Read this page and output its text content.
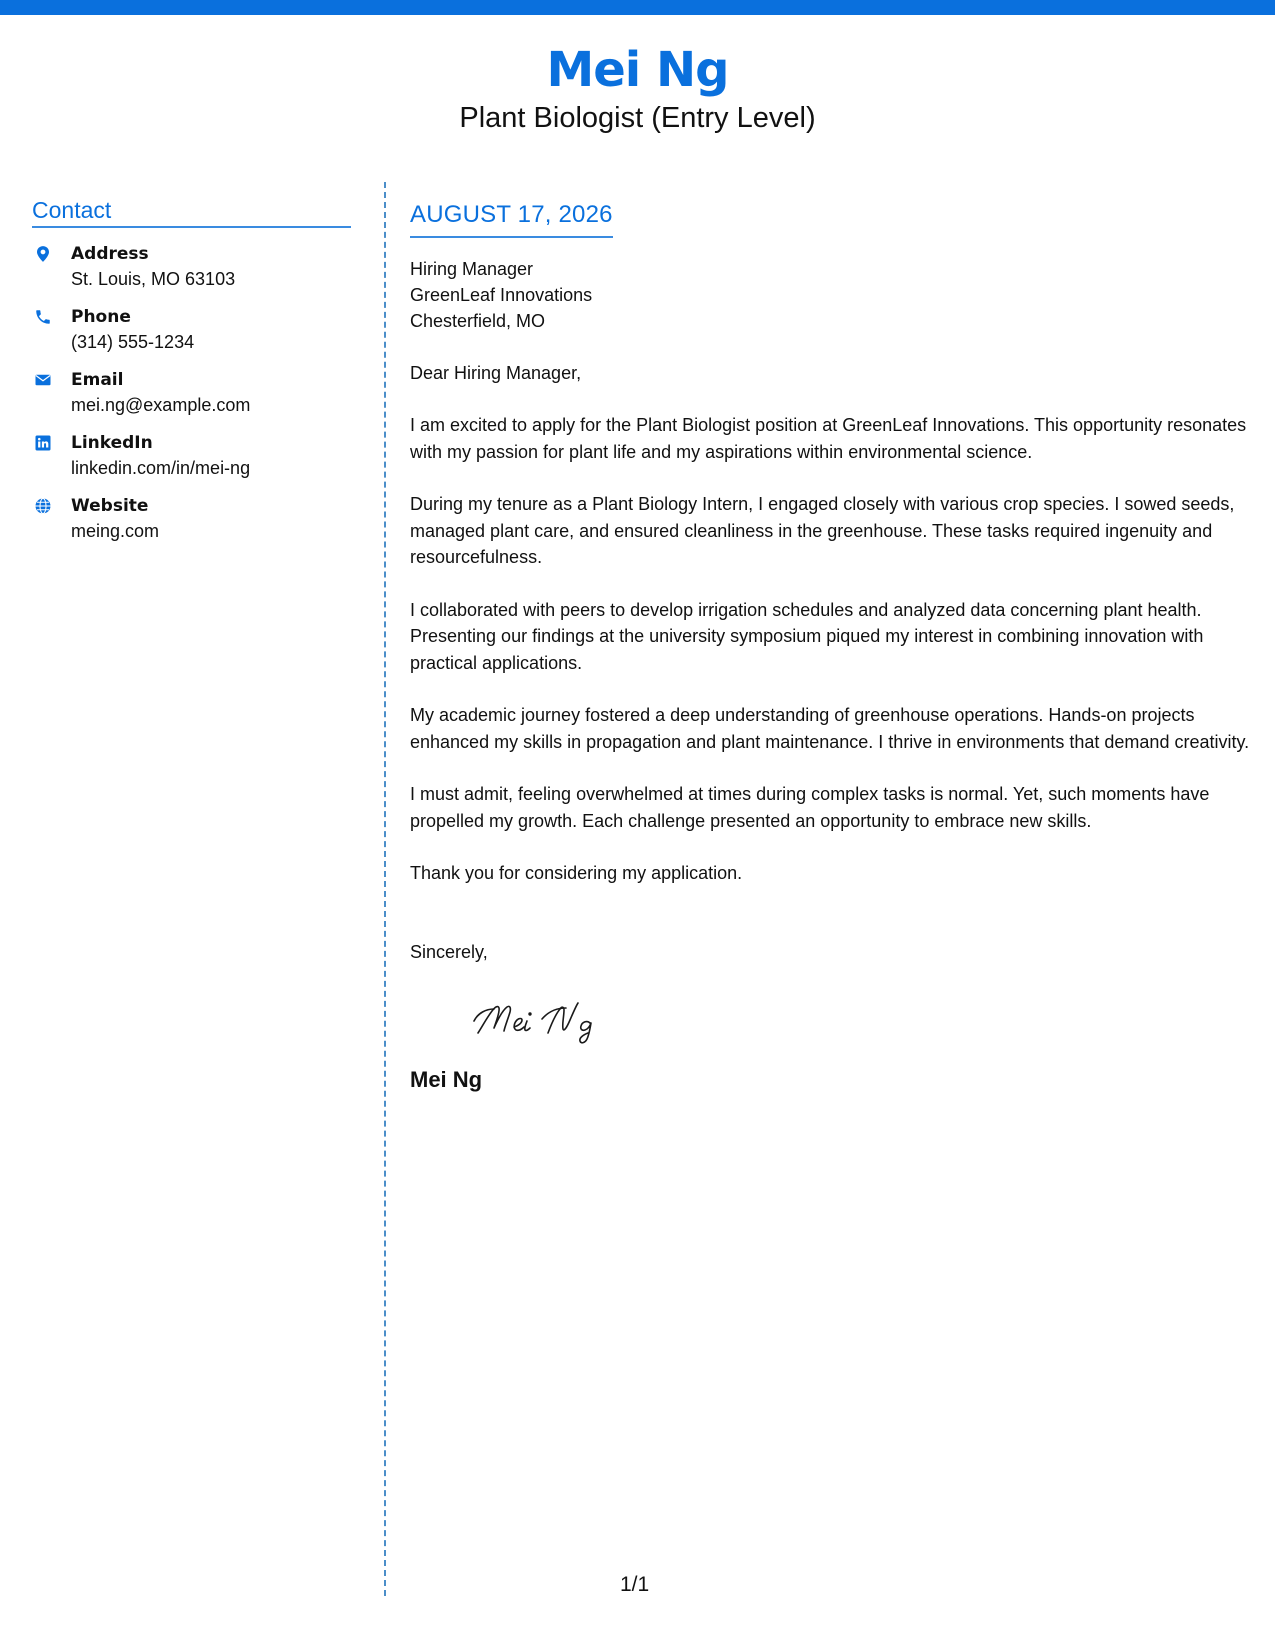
Mei Ng
Plant Biologist (Entry Level)
Contact
Address
St. Louis, MO 63103
Phone
(314) 555-1234
Email
mei.ng@example.com
LinkedIn
linkedin.com/in/mei-ng
Website
meing.com
AUGUST 17, 2026
Hiring Manager
GreenLeaf Innovations
Chesterfield, MO
Dear Hiring Manager,
I am excited to apply for the Plant Biologist position at GreenLeaf Innovations. This opportunity resonates with my passion for plant life and my aspirations within environmental science.
During my tenure as a Plant Biology Intern, I engaged closely with various crop species. I sowed seeds, managed plant care, and ensured cleanliness in the greenhouse. These tasks required ingenuity and resourcefulness.
I collaborated with peers to develop irrigation schedules and analyzed data concerning plant health. Presenting our findings at the university symposium piqued my interest in combining innovation with practical applications.
My academic journey fostered a deep understanding of greenhouse operations. Hands-on projects enhanced my skills in propagation and plant maintenance. I thrive in environments that demand creativity.
I must admit, feeling overwhelmed at times during complex tasks is normal. Yet, such moments have propelled my growth. Each challenge presented an opportunity to embrace new skills.
Thank you for considering my application.
Sincerely,
Mei Ng
1/1
